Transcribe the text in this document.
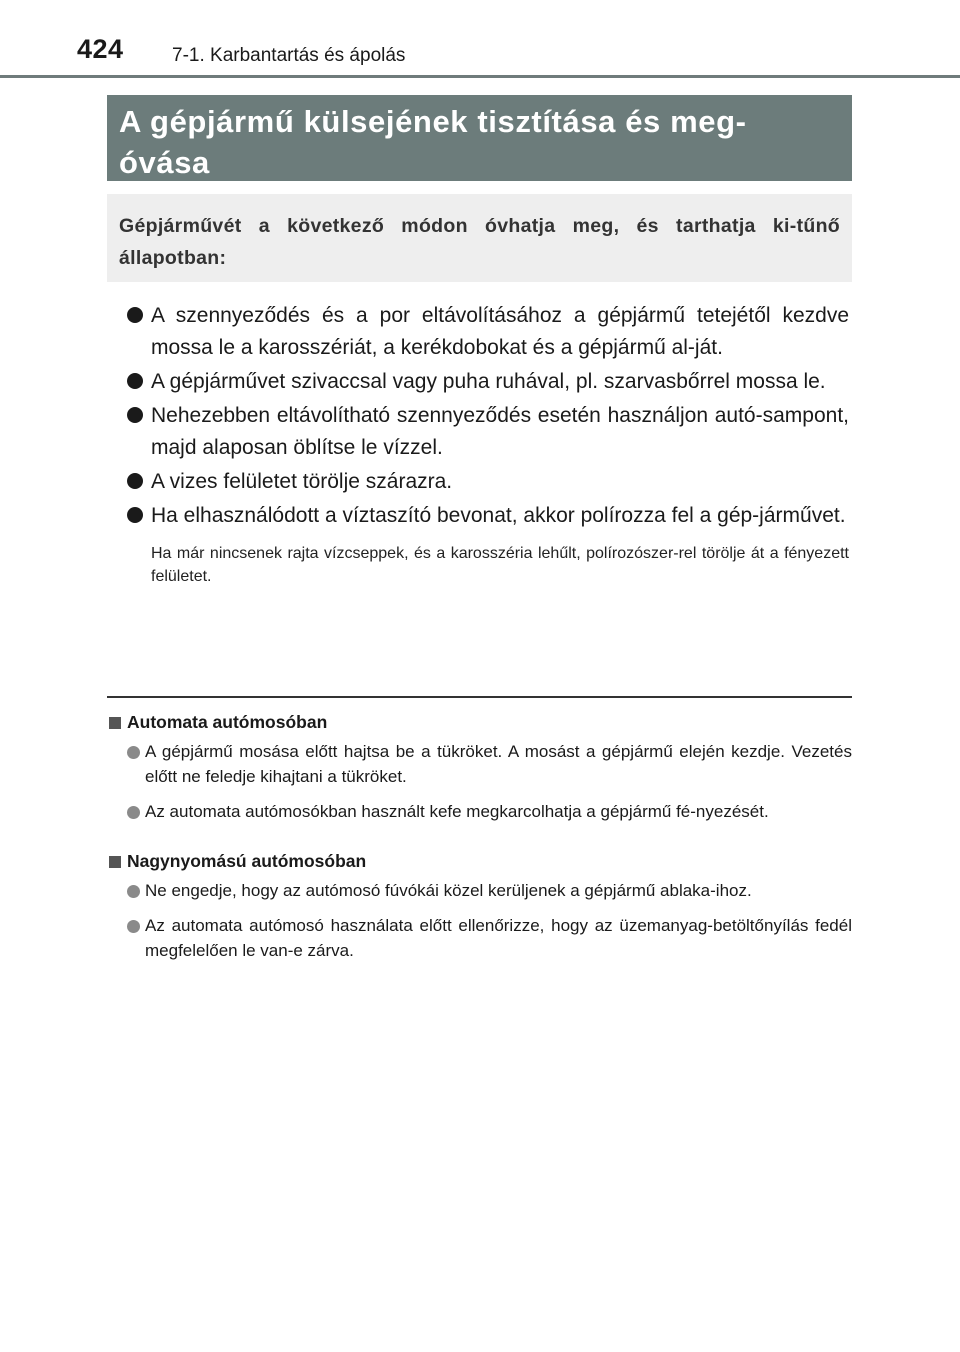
424	7-1. Karbantartás és ápolás
A gépjármű külsejének tisztítása és meg-
óvása
Gépjárművét a következő módon óvhatja meg, és tarthatja ki-tűnő állapotban:
A szennyeződés és a por eltávolításához a gépjármű tetejétől kezdve mossa le a karosszériát, a kerékdobokat és a gépjármű al-ját.
A gépjárművet szivaccsal vagy puha ruhával, pl. szarvasbőrrel mossa le.
Nehezebben eltávolítható szennyeződés esetén használjon autó-sampont, majd alaposan öblítse le vízzel.
A vizes felületet törölje szárazra.
Ha elhasználódott a víztaszító bevonat, akkor polírozza fel a gép-járművet.
Ha már nincsenek rajta vízcseppek, és a karosszéria lehűlt, polírozószer-rel törölje át a fényezett felületet.
Automata autómosóban
A gépjármű mosása előtt hajtsa be a tükröket. A mosást a gépjármű elején kezdje. Vezetés előtt ne feledje kihajtani a tükröket.
Az automata autómosókban használt kefe megkarcolhatja a gépjármű fé-nyezését.
Nagynyomású autómosóban
Ne engedje, hogy az autómosó fúvókái közel kerüljenek a gépjármű ablaka-ihoz.
Az automata autómosó használata előtt ellenőrizze, hogy az üzemanyag-betöltőnyílás fedél megfelelően le van-e zárva.
